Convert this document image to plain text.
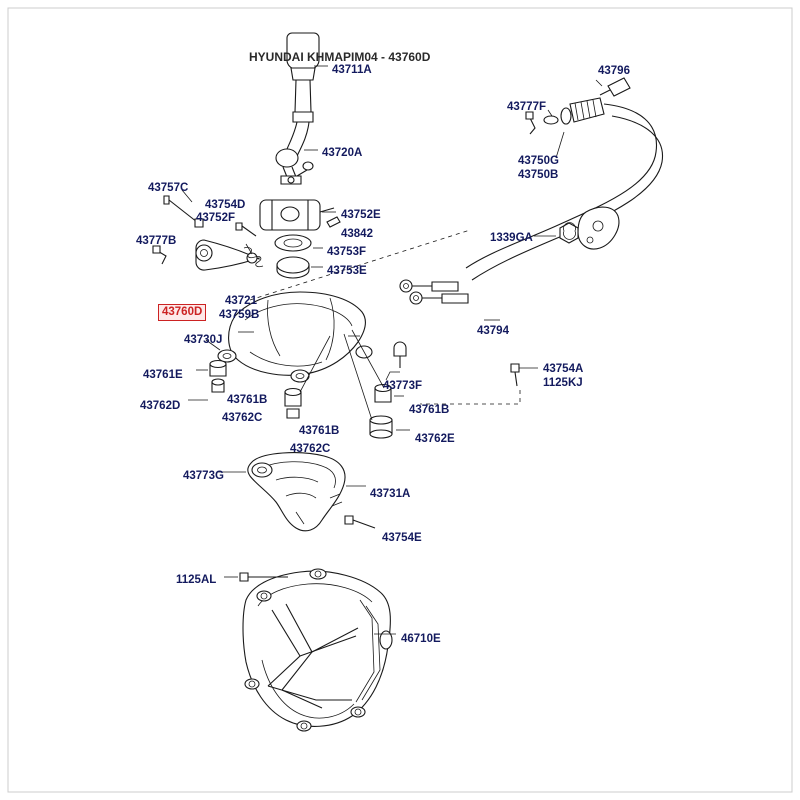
HYUNDAI KHMAPIM04 - 43760D
43760D
43711A	43796
43777F
43720A
43750G
43750B
43757C
43754D
43752F	43752E
43842
43777B
43753F
1339GA
43753E
43721
43759B
43794
43730J
43761E
43773F
43754A
1125KJ
43761B
43762D
43762C
43761B
43761B
43762E
43762C
43773G
43731A
43754E
1125AL
46710E
